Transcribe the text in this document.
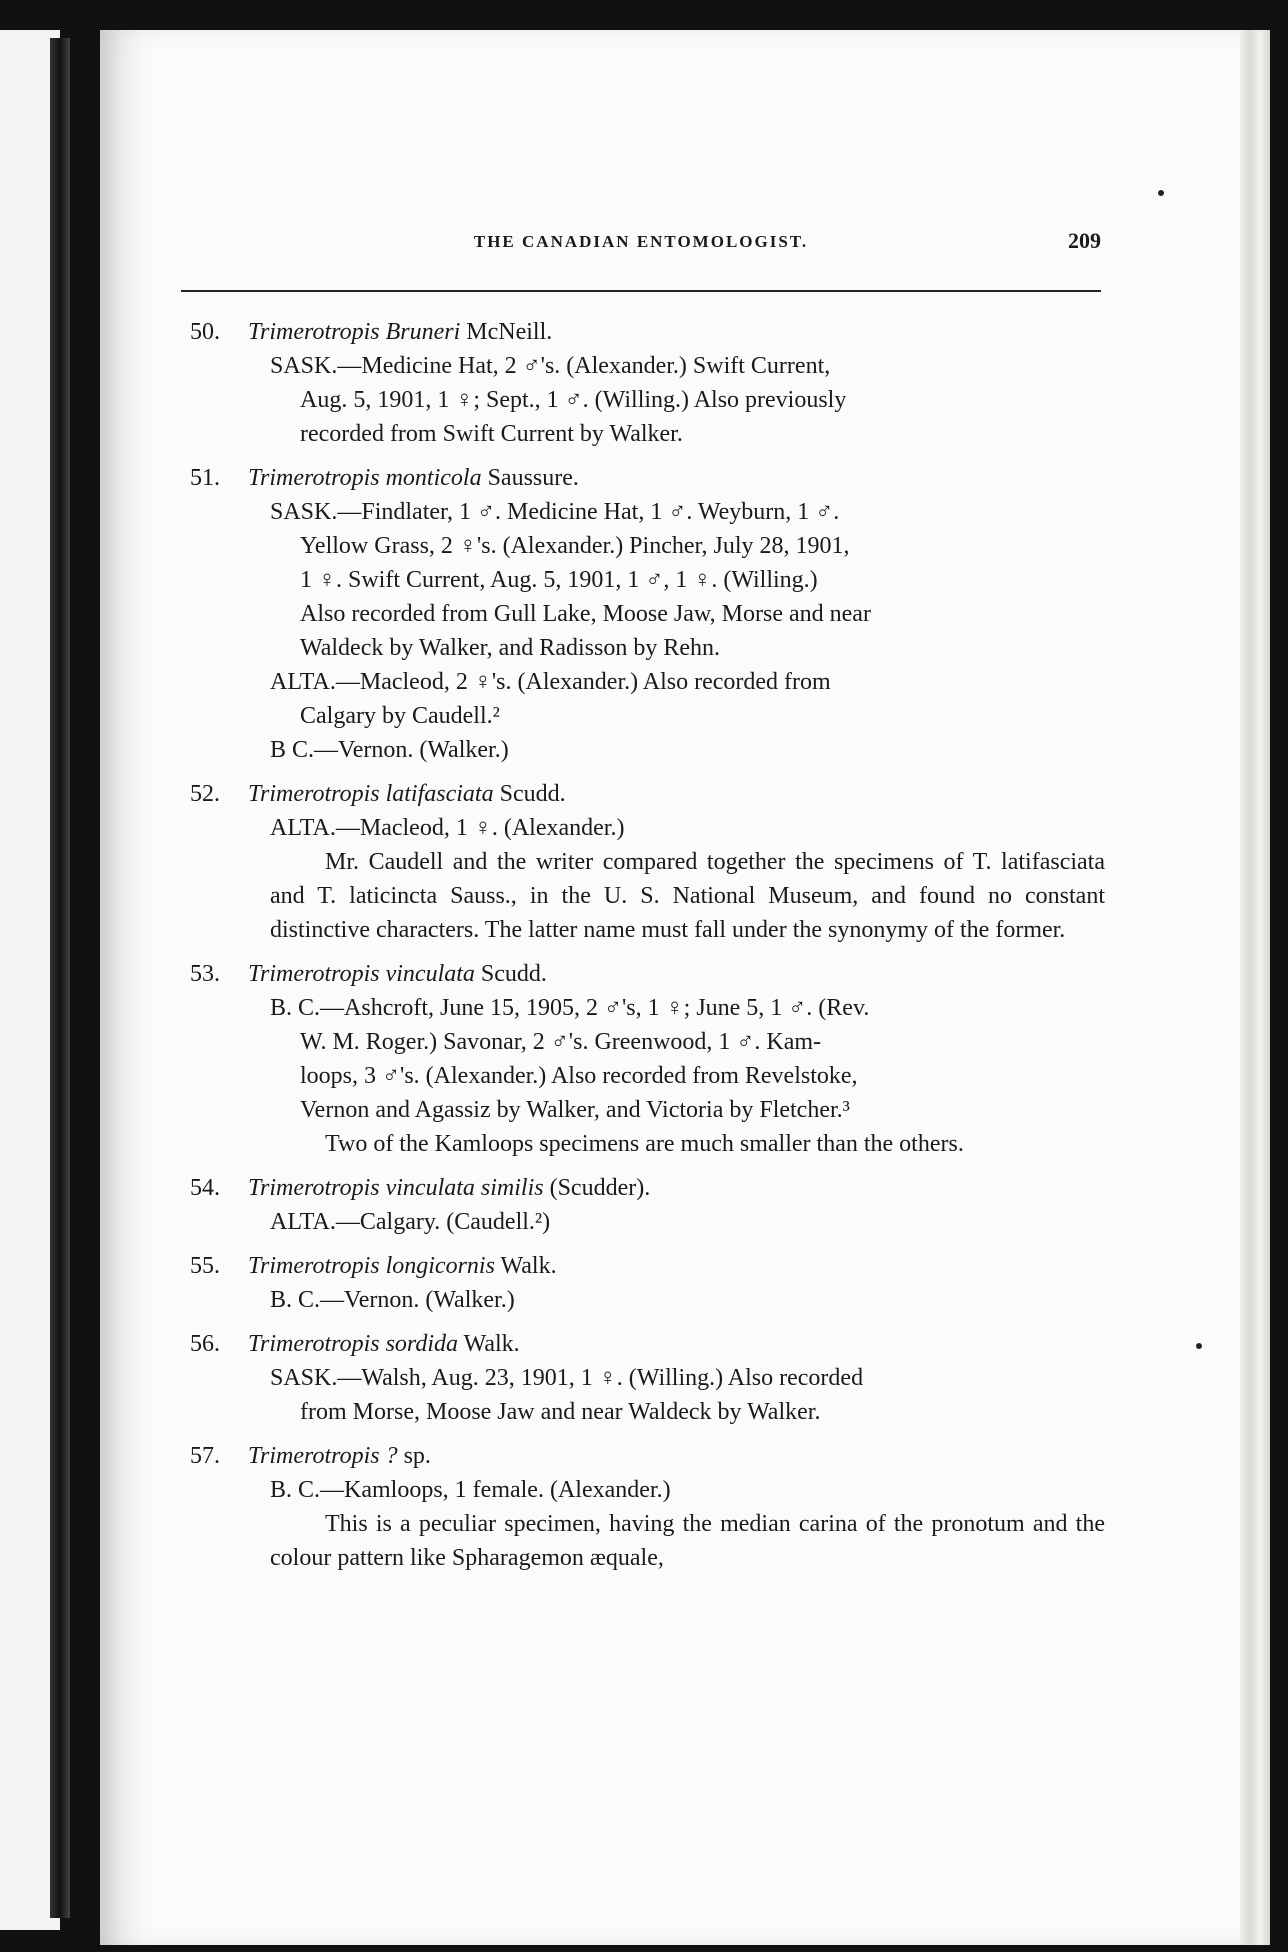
THE CANADIAN ENTOMOLOGIST.	209
50. Trimerotropis Bruneri McNeill.
SASK.—Medicine Hat, 2 ♂'s. (Alexander.) Swift Current,
Aug. 5, 1901, 1 ♀; Sept., 1 ♂. (Willing.) Also previously
recorded from Swift Current by Walker.
51. Trimerotropis monticola Saussure.
SASK.—Findlater, 1 ♂. Medicine Hat, 1 ♂. Weyburn, 1 ♂.
Yellow Grass, 2 ♀'s. (Alexander.) Pincher, July 28, 1901,
1 ♀. Swift Current, Aug. 5, 1901, 1 ♂, 1 ♀. (Willing.)
Also recorded from Gull Lake, Moose Jaw, Morse and near
Waldeck by Walker, and Radisson by Rehn.
ALTA.—Macleod, 2 ♀'s. (Alexander.) Also recorded from
Calgary by Caudell.²
B C.—Vernon. (Walker.)
52. Trimerotropis latifasciata Scudd.
ALTA.—Macleod, 1 ♀. (Alexander.)
Mr. Caudell and the writer compared together the specimens of T. latifasciata and T. laticincta Sauss., in the U. S. National Museum, and found no constant distinctive characters. The latter name must fall under the synonymy of the former.
53. Trimerotropis vinculata Scudd.
B. C.—Ashcroft, June 15, 1905, 2 ♂'s, 1 ♀; June 5, 1 ♂. (Rev.
W. M. Roger.) Savonar, 2 ♂'s. Greenwood, 1 ♂. Kam-
loops, 3 ♂'s. (Alexander.) Also recorded from Revelstoke,
Vernon and Agassiz by Walker, and Victoria by Fletcher.³
Two of the Kamloops specimens are much smaller than the others.
54. Trimerotropis vinculata similis (Scudder).
ALTA.—Calgary. (Caudell.²)
55. Trimerotropis longicornis Walk.
B. C.—Vernon. (Walker.)
56. Trimerotropis sordida Walk.
SASK.—Walsh, Aug. 23, 1901, 1 ♀. (Willing.) Also recorded
from Morse, Moose Jaw and near Waldeck by Walker.
57. Trimerotropis ? sp.
B. C.—Kamloops, 1 female. (Alexander.)
This is a peculiar specimen, having the median carina of the pronotum and the colour pattern like Spharagemon æquale,
